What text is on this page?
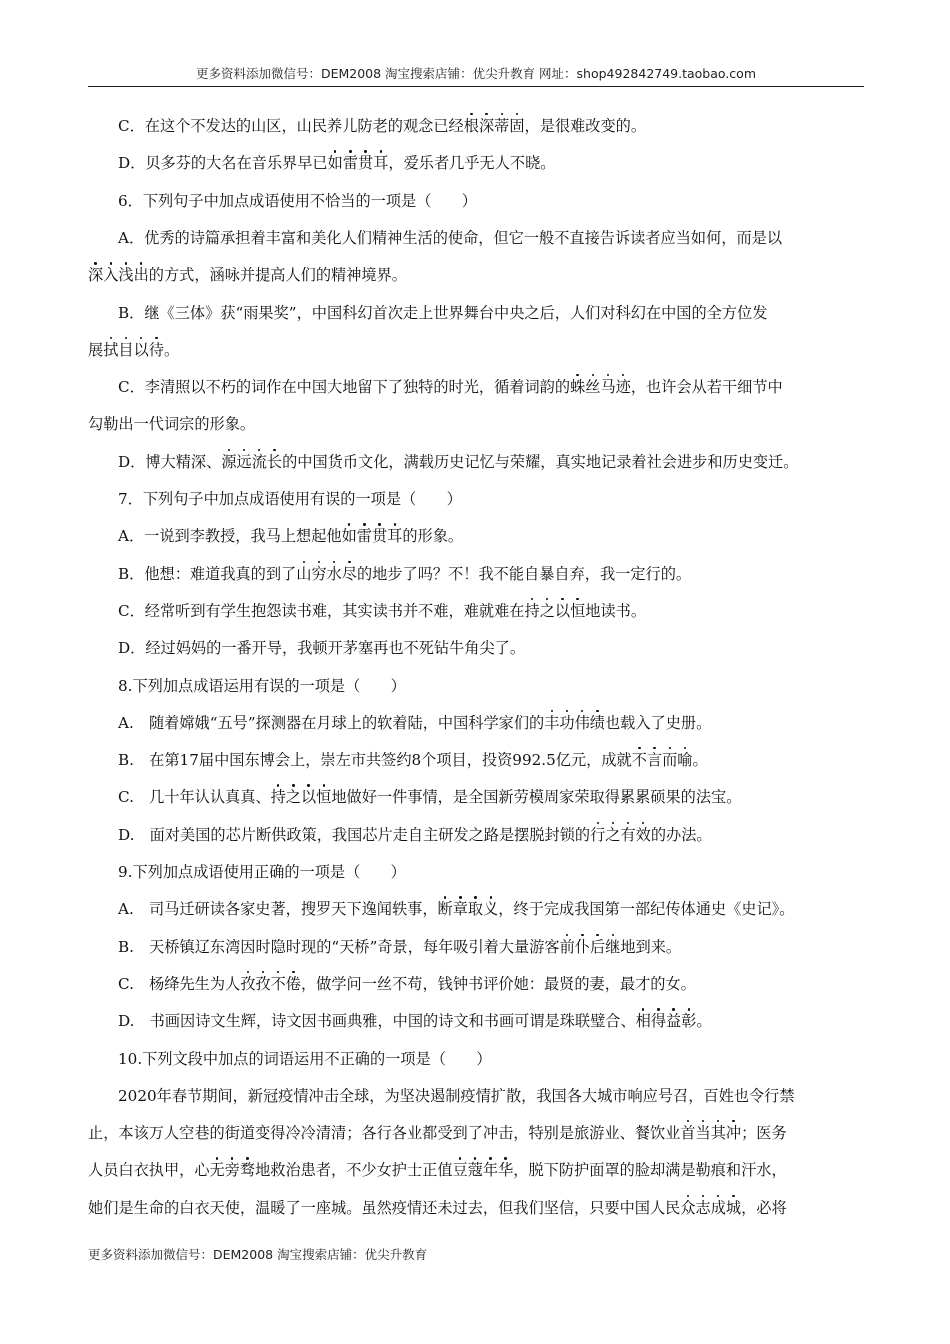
更多资料添加微信号：DEM2008 淘宝搜索店铺：优尖升教育 网址：shop492842749.taobao.com
C．在这个不发达的山区，山民养儿防老的观念已经根深蒂固，是很难改变的。
D．贝多芬的大名在音乐界早已如雷贯耳，爱乐者几乎无人不晓。
6．下列句子中加点成语使用不恰当的一项是（　　）
A．优秀的诗篇承担着丰富和美化人们精神生活的使命，但它一般不直接告诉读者应当如何，而是以
深入浅出的方式，涵咏并提高人们的精神境界。
B．继《三体》获“雨果奖”，中国科幻首次走上世界舞台中央之后，人们对科幻在中国的全方位发
展拭目以待。
C．李清照以不朽的词作在中国大地留下了独特的时光，循着词韵的蛛丝马迹，也许会从若干细节中
勾勒出一代词宗的形象。
D．博大精深、源远流长的中国货币文化，满载历史记忆与荣耀，真实地记录着社会进步和历史变迁。
7．下列句子中加点成语使用有误的一项是（　　）
A．一说到李教授，我马上想起他如雷贯耳的形象。
B．他想：难道我真的到了山穷水尽的地步了吗？不！我不能自暴自弃，我一定行的。
C．经常听到有学生抱怨读书难，其实读书并不难，难就难在持之以恒地读书。
D．经过妈妈的一番开导，我顿开茅塞再也不死钻牛角尖了。
8.下列加点成语运用有误的一项是（　　）
A.　随着嫦娥“五号”探测器在月球上的软着陆，中国科学家们的丰功伟绩也载入了史册。
B.　在第17届中国东博会上，崇左市共签约8个项目，投资992.5亿元，成就不言而喻。
C.　几十年认认真真、持之以恒地做好一件事情，是全国新劳模周家荣取得累累硕果的法宝。
D.　面对美国的芯片断供政策，我国芯片走自主研发之路是摆脱封锁的行之有效的办法。
9.下列加点成语使用正确的一项是（　　）
A.　司马迁研读各家史著，搜罗天下逸闻轶事，断章取义，终于完成我国第一部纪传体通史《史记》。
B.　天桥镇辽东湾因时隐时现的“天桥”奇景，每年吸引着大量游客前仆后继地到来。
C.　杨绛先生为人孜孜不倦，做学问一丝不苟，钱钟书评价她：最贤的妻，最才的女。
D.　书画因诗文生辉，诗文因书画典雅，中国的诗文和书画可谓是珠联璧合、相得益彰。
10.下列文段中加点的词语运用不正确的一项是（　　）
2020年春节期间，新冠疫情冲击全球，为坚决遏制疫情扩散，我国各大城市响应号召，百姓也令行禁
止，本该万人空巷的街道变得冷冷清清；各行各业都受到了冲击，特别是旅游业、餐饮业首当其冲；医务
人员白衣执甲，心无旁骛地救治患者，不少女护士正值豆蔻年华，脱下防护面罩的脸却满是勒痕和汗水，
她们是生命的白衣天使，温暖了一座城。虽然疫情还未过去，但我们坚信，只要中国人民众志成城，必将
更多资料添加微信号：DEM2008 淘宝搜索店铺：优尖升教育
